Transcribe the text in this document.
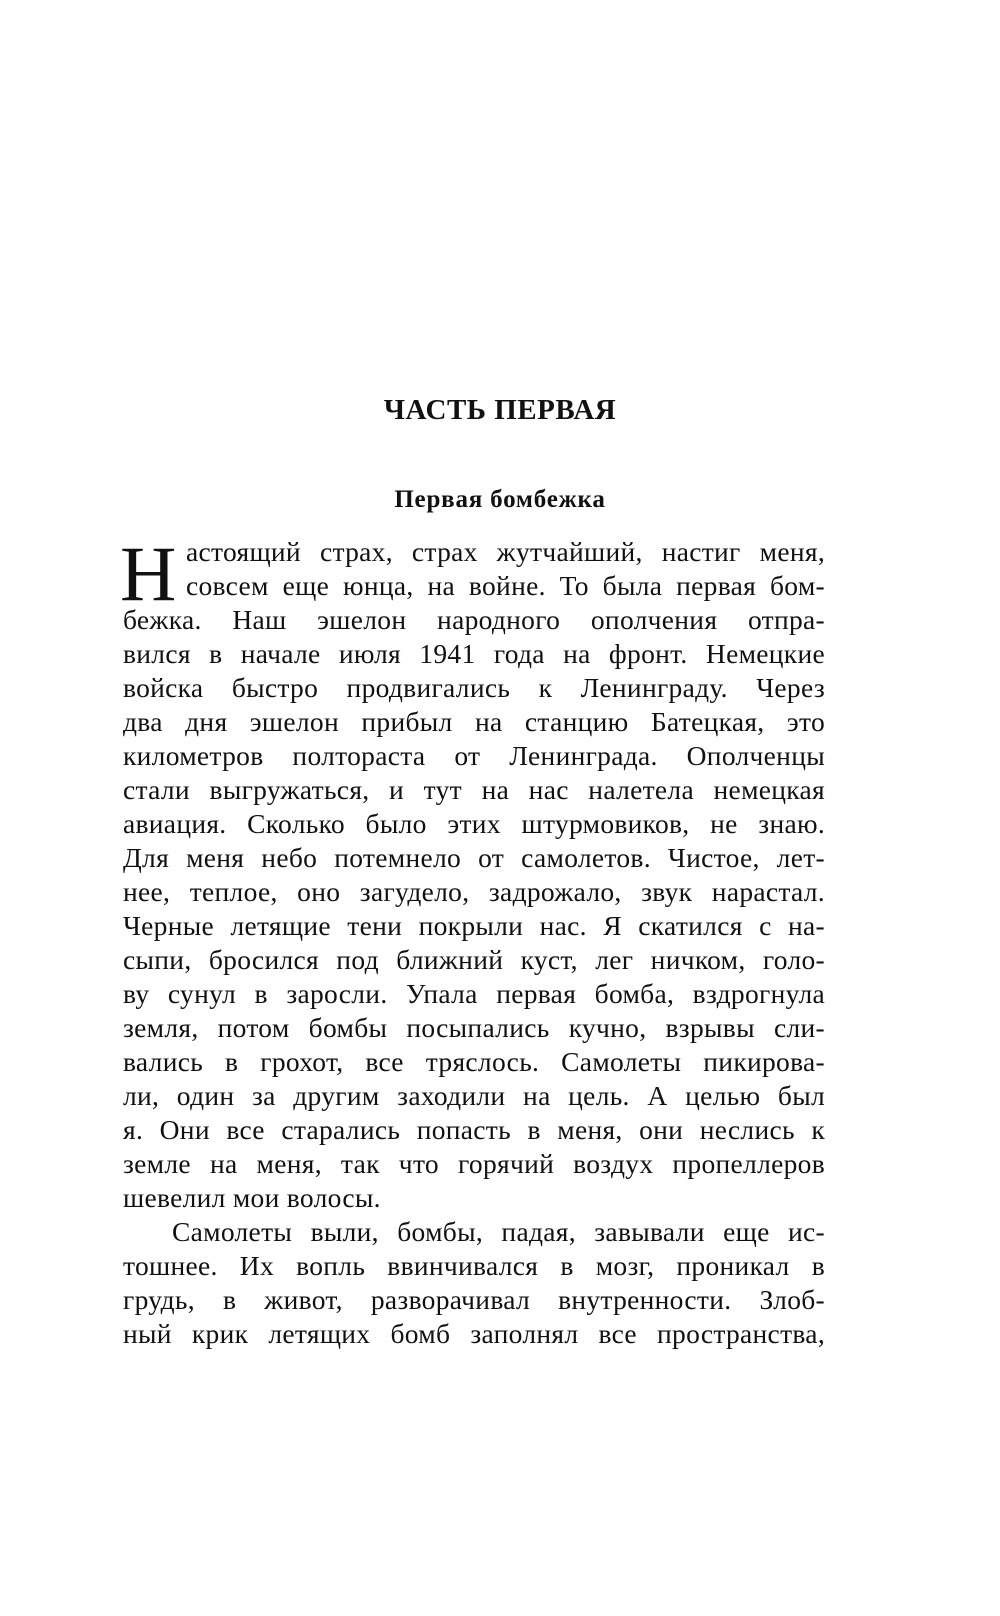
ЧАСТЬ ПЕРВАЯ
Первая бомбежка
Н астоящий страх, страх жутчайший, настиг меня,
совсем еще юнца, на войне. То была первая бом-
бежка. Наш эшелон народного ополчения отпра-
вился в начале июля 1941 года на фронт. Немецкие
войска быстро продвигались к Ленинграду. Через
два дня эшелон прибыл на станцию Батецкая, это
километров полтораста от Ленинграда. Ополченцы
стали выгружаться, и тут на нас налетела немецкая
авиация. Сколько было этих штурмовиков, не знаю.
Для меня небо потемнело от самолетов. Чистое, лет-
нее, теплое, оно загудело, задрожало, звук нарастал.
Черные летящие тени покрыли нас. Я скатился с на-
сыпи, бросился под ближний куст, лег ничком, голо-
ву сунул в заросли. Упала первая бомба, вздрогнула
земля, потом бомбы посыпались кучно, взрывы сли-
вались в грохот, все тряслось. Самолеты пикирова-
ли, один за другим заходили на цель. А целью был
я. Они все старались попасть в меня, они неслись к
земле на меня, так что горячий воздух пропеллеров
шевелил мои волосы.
Самолеты выли, бомбы, падая, завывали еще ис-
тошнее. Их вопль ввинчивался в мозг, проникал в
грудь, в живот, разворачивал внутренности. Злоб-
ный крик летящих бомб заполнял все пространства,
